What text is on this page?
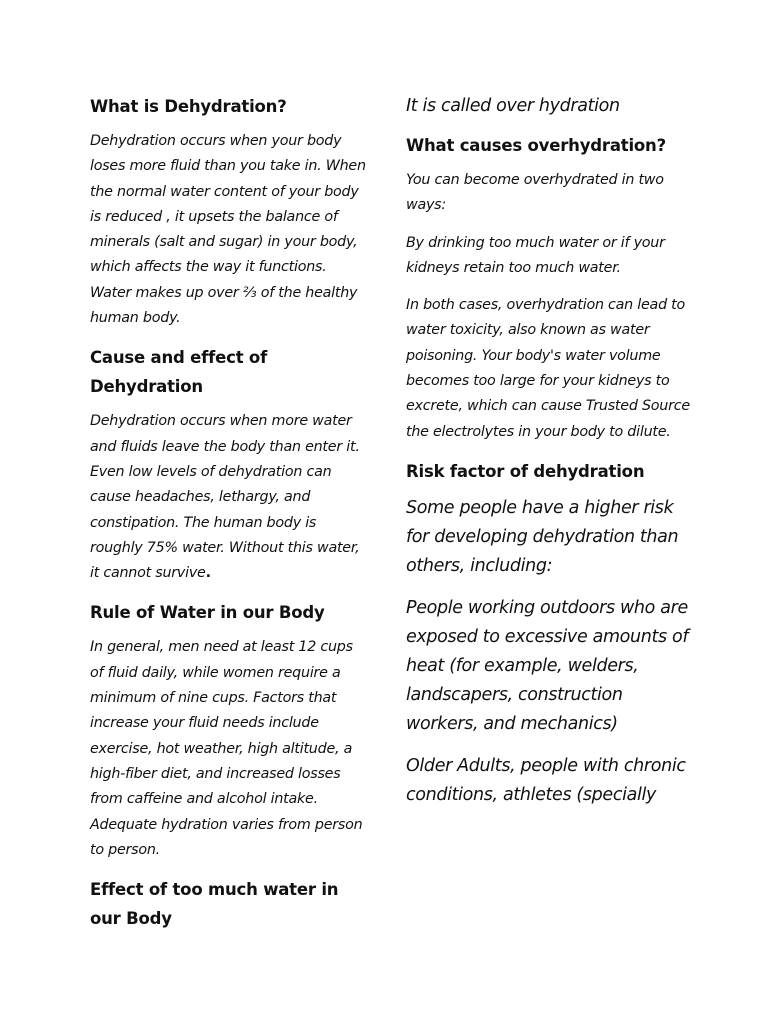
What is Dehydration?

Dehydration occurs when your body loses more fluid than you take in. When the normal water content of your body is reduced , it upsets the balance of minerals (salt and sugar) in your body, which affects the way it functions. Water makes up over ⅔ of the healthy human body.

Cause and effect of Dehydration

Dehydration occurs when more water and fluids leave the body than enter it. Even low levels of dehydration can cause headaches, lethargy, and constipation. The human body is roughly 75% water. Without this water, it cannot survive.

Rule of Water in our Body

In general, men need at least 12 cups of fluid daily, while women require a minimum of nine cups. Factors that increase your fluid needs include exercise, hot weather, high altitude, a high-fiber diet, and increased losses from caffeine and alcohol intake. Adequate hydration varies from person to person.

Effect of too much water in our Body

It is called over hydration

What causes overhydration?

You can become overhydrated in two ways:

By drinking too much water or if your kidneys retain too much water.

In both cases, overhydration can lead to water toxicity, also known as water poisoning. Your body's water volume becomes too large for your kidneys to excrete, which can cause Trusted Source the electrolytes in your body to dilute.

Risk factor of dehydration

Some people have a higher risk for developing dehydration than others, including:

People working outdoors who are exposed to excessive amounts of heat (for example, welders, landscapers, construction workers, and mechanics)

Older Adults, people with chronic conditions, athletes (specially
